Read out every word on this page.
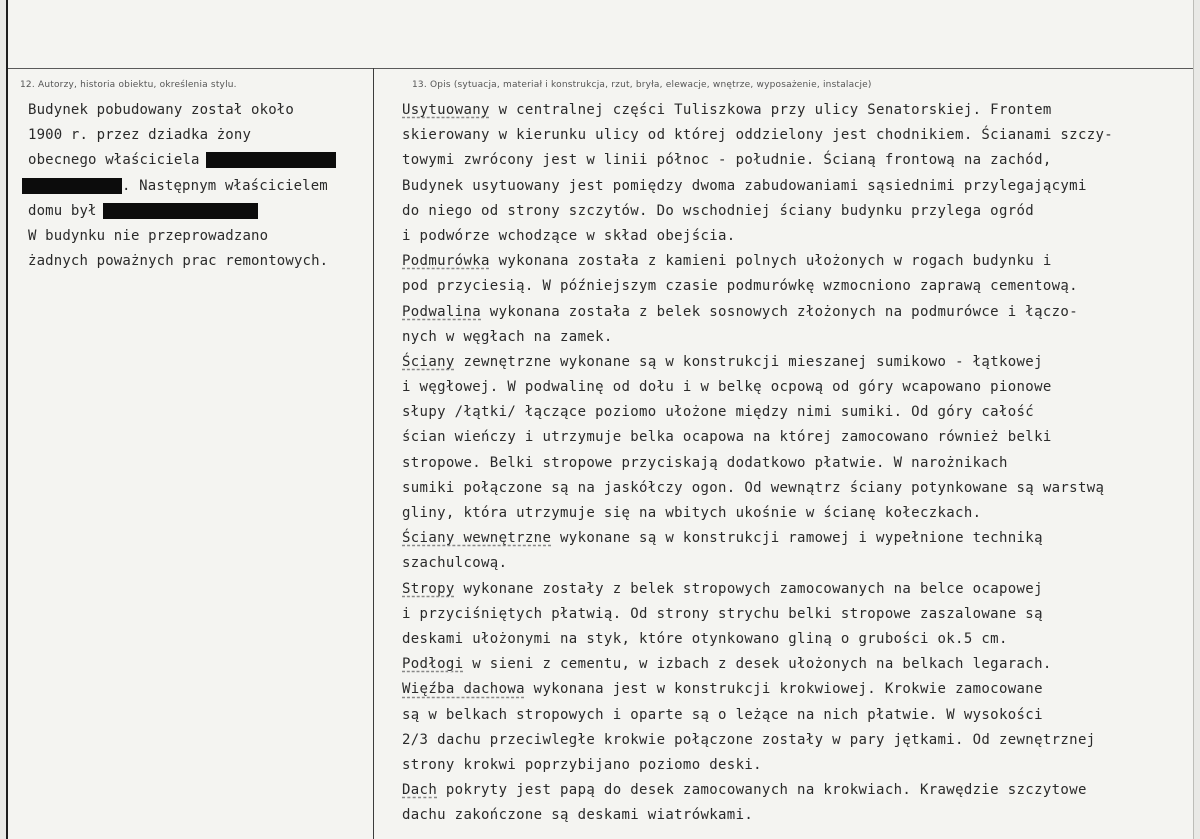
12. Autorzy, historia obiektu, określenia stylu.	13. Opis (sytuacja, materiał i konstrukcja, rzut, bryła, elewacje, wnętrze, wyposażenie, instalacje)
Budynek pobudowany został około
1900 r. przez dziadka żony
obecnego właściciela
. Następnym właścicielem
domu był
W budynku nie przeprowadzano
żadnych poważnych prac remontowych.
Usytuowany w centralnej części Tuliszkowa przy ulicy Senatorskiej. Frontem
skierowany w kierunku ulicy od której oddzielony jest chodnikiem. Ścianami szczy-
towymi zwrócony jest w linii północ - południe. Ścianą frontową na zachód,
Budynek usytuowany jest pomiędzy dwoma zabudowaniami sąsiednimi przylegającymi
do niego od strony szczytów. Do wschodniej ściany budynku przylega ogród
i podwórze wchodzące w skład obejścia.
Podmurówka wykonana została z kamieni polnych ułożonych w rogach budynku i
pod przyciesią. W późniejszym czasie podmurówkę wzmocniono zaprawą cementową.
Podwalina wykonana została z belek sosnowych złożonych na podmurówce i łączo-
nych w węgłach na zamek.
Ściany zewnętrzne wykonane są w konstrukcji mieszanej sumikowo - łątkowej
i węgłowej. W podwalinę od dołu i w belkę ocpową od góry wcapowano pionowe
słupy /łątki/ łączące poziomo ułożone między nimi sumiki. Od góry całość
ścian wieńczy i utrzymuje belka ocapowa na której zamocowano również belki
stropowe. Belki stropowe przyciskają dodatkowo płatwie. W narożnikach
sumiki połączone są na jaskółczy ogon. Od wewnątrz ściany potynkowane są warstwą
gliny, która utrzymuje się na wbitych ukośnie w ścianę kołeczkach.
Ściany wewnętrzne wykonane są w konstrukcji ramowej i wypełnione techniką
szachulcową.
Stropy wykonane zostały z belek stropowych zamocowanych na belce ocapowej
i przyciśniętych płatwią. Od strony strychu belki stropowe zaszalowane są
deskami ułożonymi na styk, które otynkowano gliną o grubości ok.5 cm.
Podłogi w sieni z cementu, w izbach z desek ułożonych na belkach legarach.
Więźba dachowa wykonana jest w konstrukcji krokwiowej. Krokwie zamocowane
są w belkach stropowych i oparte są o leżące na nich płatwie. W wysokości
2/3 dachu przeciwległe krokwie połączone zostały w pary jętkami. Od zewnętrznej
strony krokwi poprzybijano poziomo deski.
Dach pokryty jest papą do desek zamocowanych na krokwiach. Krawędzie szczytowe
dachu zakończone są deskami wiatrówkami.
